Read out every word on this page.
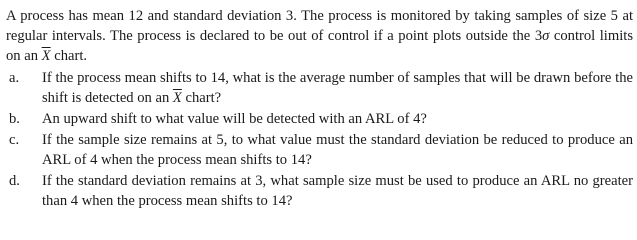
A process has mean 12 and standard deviation 3. The process is monitored by taking samples of size 5 at regular intervals. The process is declared to be out of control if a point plots outside the 3σ control limits on an $\overline{X}$ chart.

a.	If the process mean shifts to 14, what is the average number of samples that will be drawn before the shift is detected on an $\overline{X}$ chart?
b.	An upward shift to what value will be detected with an ARL of 4?
c.	If the sample size remains at 5, to what value must the standard deviation be reduced to produce an ARL of 4 when the process mean shifts to 14?
d.	If the standard deviation remains at 3, what sample size must be used to produce an ARL no greater than 4 when the process mean shifts to 14?
